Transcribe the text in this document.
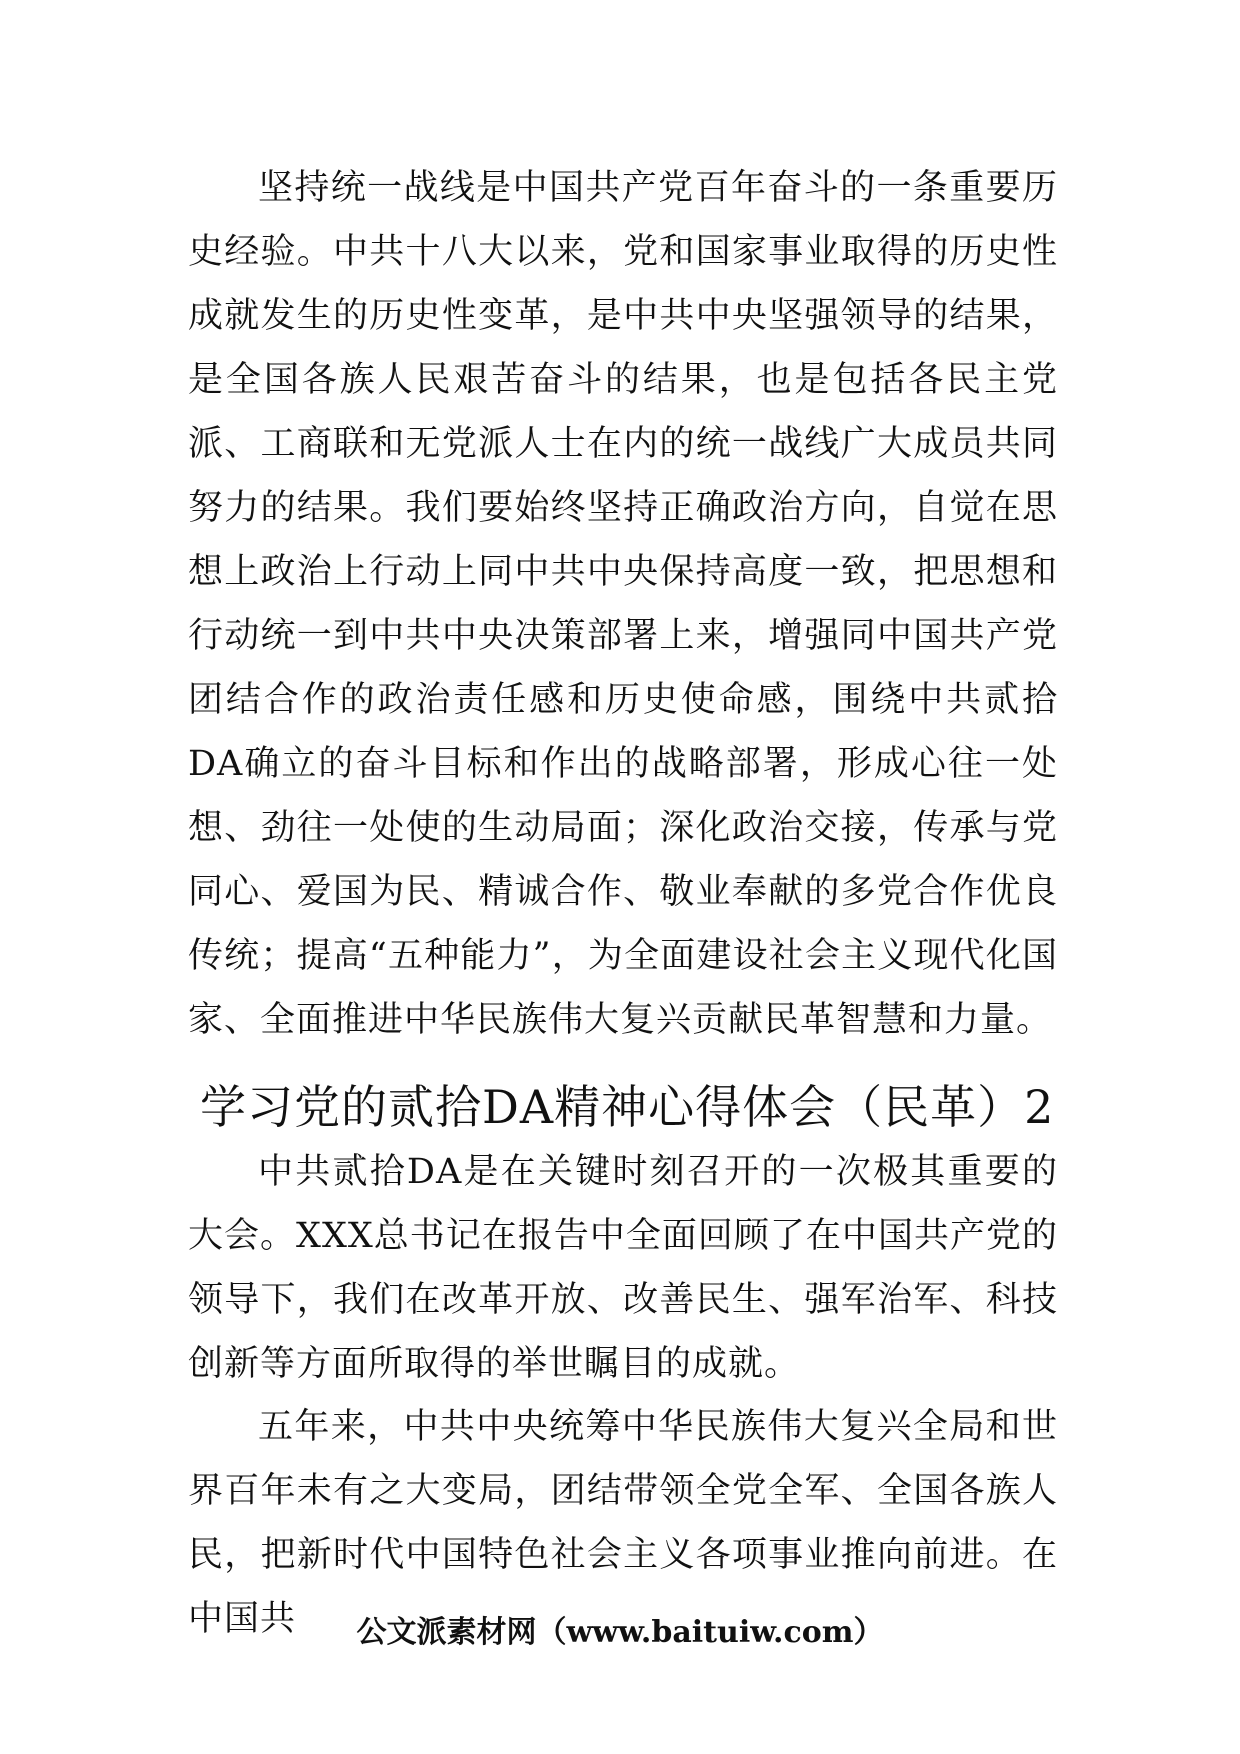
坚持统一战线是中国共产党百年奋斗的一条重要历史经验。中共十八大以来，党和国家事业取得的历史性成就发生的历史性变革，是中共中央坚强领导的结果，是全国各族人民艰苦奋斗的结果，也是包括各民主党派、工商联和无党派人士在内的统一战线广大成员共同努力的结果。我们要始终坚持正确政治方向，自觉在思想上政治上行动上同中共中央保持高度一致，把思想和行动统一到中共中央决策部署上来，增强同中国共产党团结合作的政治责任感和历史使命感，围绕中共贰拾DA确立的奋斗目标和作出的战略部署，形成心往一处想、劲往一处使的生动局面；深化政治交接，传承与党同心、爱国为民、精诚合作、敬业奉献的多党合作优良传统；提高“五种能力”，为全面建设社会主义现代化国家、全面推进中华民族伟大复兴贡献民革智慧和力量。

学习党的贰拾DA精神心得体会（民革）2

中共贰拾DA是在关键时刻召开的一次极其重要的大会。XXX总书记在报告中全面回顾了在中国共产党的领导下，我们在改革开放、改善民生、强军治军、科技创新等方面所取得的举世瞩目的成就。

五年来，中共中央统筹中华民族伟大复兴全局和世界百年未有之大变局，团结带领全党全军、全国各族人民，把新时代中国特色社会主义各项事业推向前进。在中国共	公文派素材网（www.baituiw.com）
